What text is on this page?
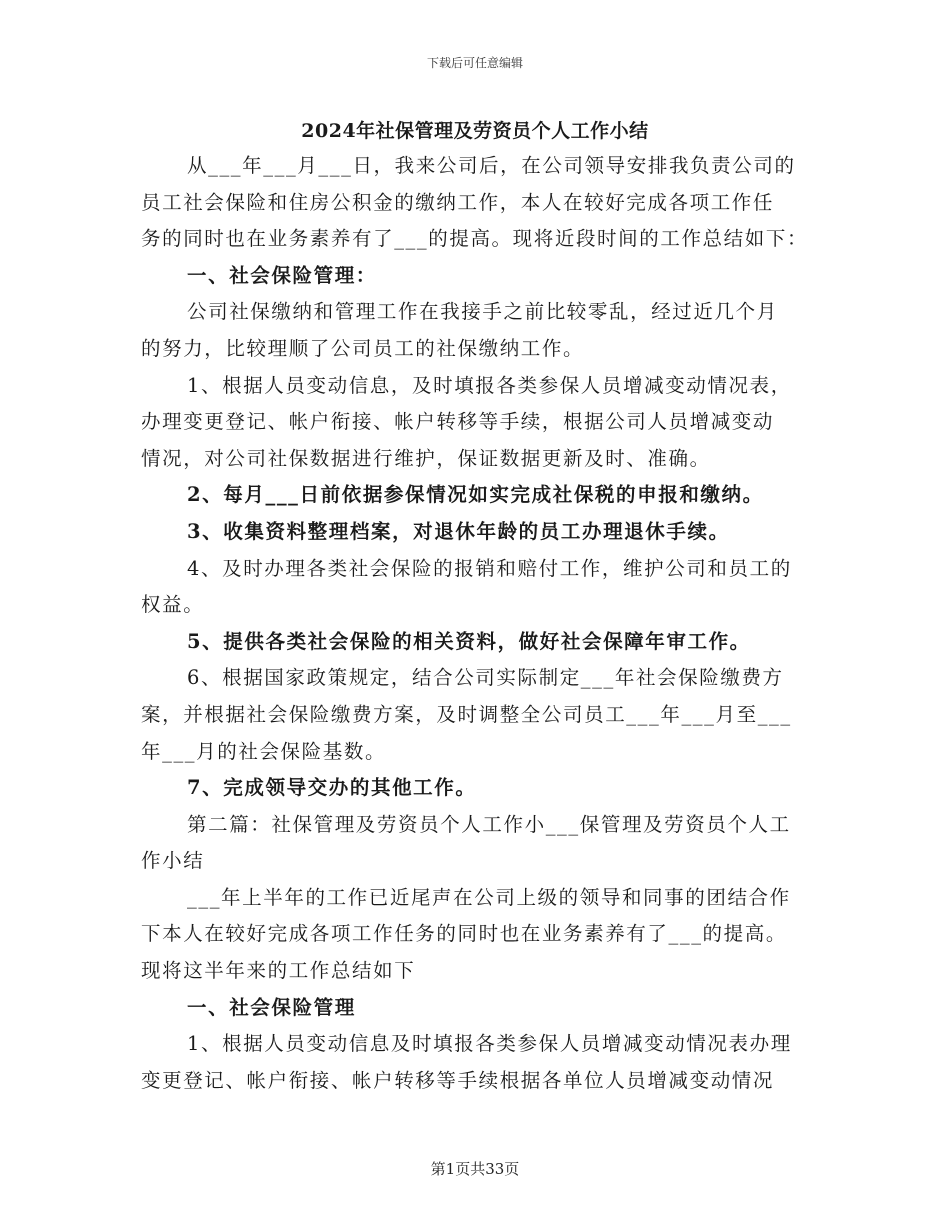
下载后可任意编辑
2024年社保管理及劳资员个人工作小结
从___年___月___日，我来公司后，在公司领导安排我负责公司的
员工社会保险和住房公积金的缴纳工作，本人在较好完成各项工作任
务的同时也在业务素养有了___的提高。现将近段时间的工作总结如下：
一、社会保险管理：
公司社保缴纳和管理工作在我接手之前比较零乱，经过近几个月
的努力，比较理顺了公司员工的社保缴纳工作。
1、根据人员变动信息，及时填报各类参保人员增减变动情况表，
办理变更登记、帐户衔接、帐户转移等手续，根据公司人员增减变动
情况，对公司社保数据进行维护，保证数据更新及时、准确。
2、每月___日前依据参保情况如实完成社保税的申报和缴纳。
3、收集资料整理档案，对退休年龄的员工办理退休手续。
4、及时办理各类社会保险的报销和赔付工作，维护公司和员工的
权益。
5、提供各类社会保险的相关资料，做好社会保障年审工作。
6、根据国家政策规定，结合公司实际制定___年社会保险缴费方
案，并根据社会保险缴费方案，及时调整全公司员工___年___月至___
年___月的社会保险基数。
7、完成领导交办的其他工作。
第二篇：社保管理及劳资员个人工作小___保管理及劳资员个人工
作小结
___年上半年的工作已近尾声在公司上级的领导和同事的团结合作
下本人在较好完成各项工作任务的同时也在业务素养有了___的提高。
现将这半年来的工作总结如下
一、社会保险管理
1、根据人员变动信息及时填报各类参保人员增减变动情况表办理
变更登记、帐户衔接、帐户转移等手续根据各单位人员增减变动情况
第1页共33页
